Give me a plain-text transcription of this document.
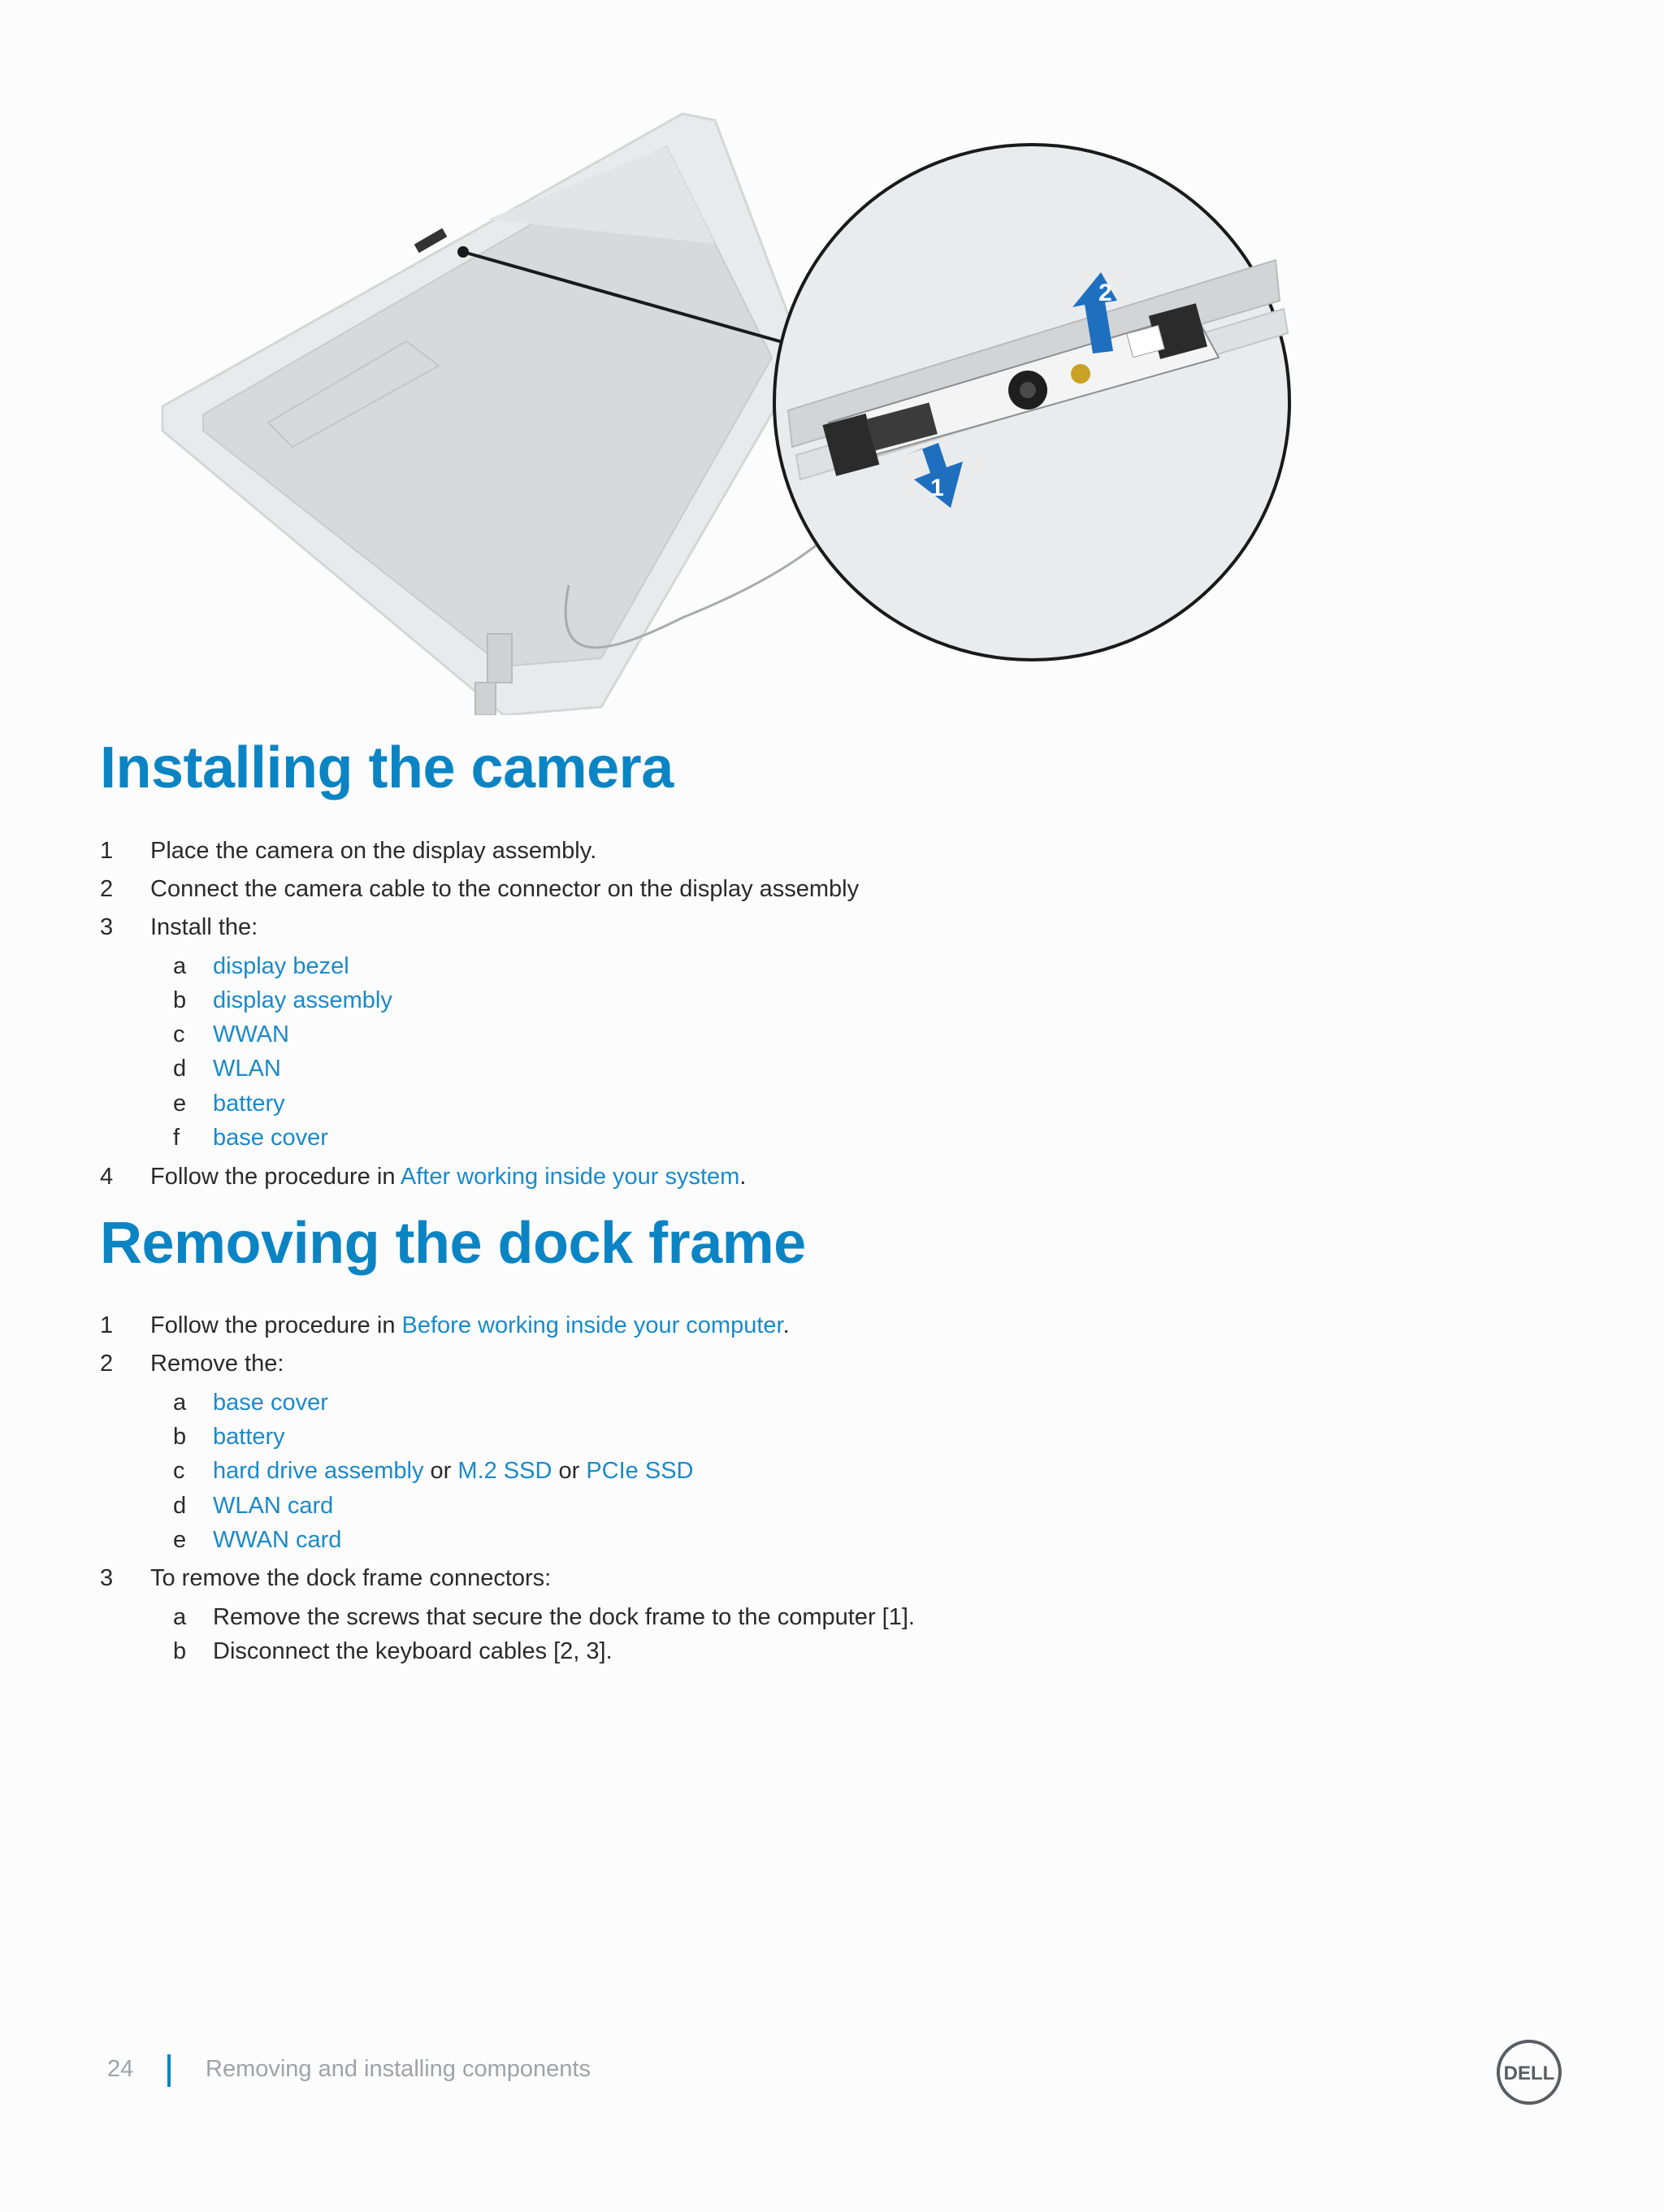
2
1
Installing the camera
1 Place the camera on the display assembly.
2 Connect the camera cable to the connector on the display assembly
3 Install the:
a display bezel
b display assembly
c WWAN
d WLAN
e battery
f base cover
4 Follow the procedure in After working inside your system.
Removing the dock frame
1 Follow the procedure in Before working inside your computer.
2 Remove the:
a base cover
b battery
c hard drive assembly or M.2 SSD or PCIe SSD
d WLAN card
e WWAN card
3 To remove the dock frame connectors:
a Remove the screws that secure the dock frame to the computer [1].
b Disconnect the keyboard cables [2, 3].
24	Removing and installing components	DELL
